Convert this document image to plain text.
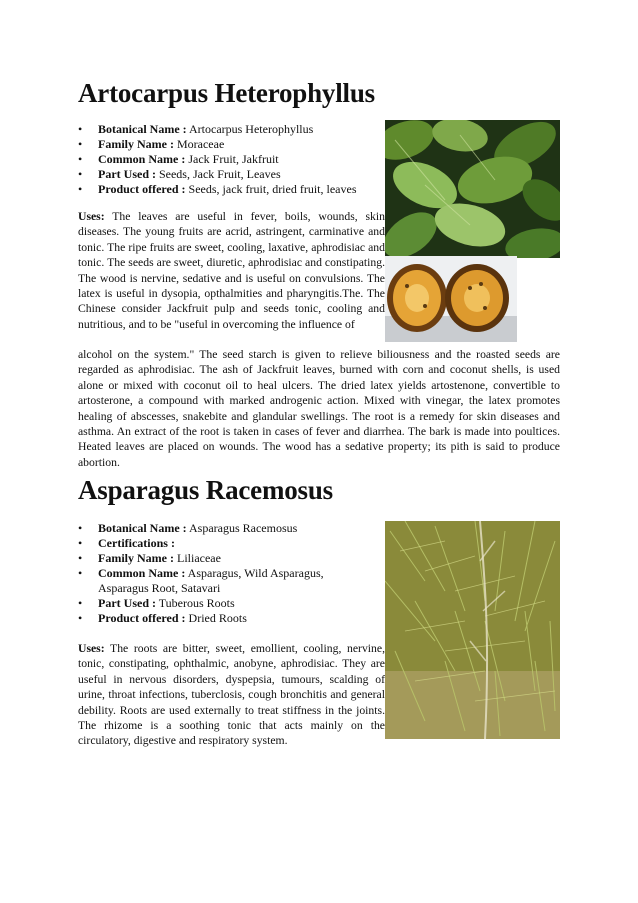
Artocarpus Heterophyllus
• Botanical Name : Artocarpus Heterophyllus
• Family Name : Moraceae
• Common Name : Jack Fruit, Jakfruit
• Part Used : Seeds, Jack Fruit, Leaves
• Product offered : Seeds, jack fruit, dried fruit, leaves

Uses: The leaves are useful in fever, boils, wounds, skin diseases. The young fruits are acrid, astringent, carminative and tonic. The ripe fruits are sweet, cooling, laxative, aphrodisiac and tonic. The seeds are sweet, diuretic, aphrodisiac and constipating. The wood is nervine, sedative and is useful on convulsions. The latex is useful in dysopia, opthalmities and pharyngitis.The. The Chinese consider Jackfruit pulp and seeds tonic, cooling and nutritious, and to be "useful in overcoming the influence of

alcohol on the system." The seed starch is given to relieve biliousness and the roasted seeds are regarded as aphrodisiac. The ash of Jackfruit leaves, burned with corn and coconut shells, is used alone or mixed with coconut oil to heal ulcers. The dried latex yields artostenone, convertible to artosterone, a compound with marked androgenic action. Mixed with vinegar, the latex promotes healing of abscesses, snakebite and glandular swellings. The root is a remedy for skin diseases and asthma. An extract of the root is taken in cases of fever and diarrhea. The bark is made into poultices. Heated leaves are placed on wounds. The wood has a sedative property; its pith is said to produce abortion.

Asparagus Racemosus
• Botanical Name : Asparagus Racemosus
• Certifications :
• Family Name : Liliaceae
• Common Name : Asparagus, Wild Asparagus, Asparagus Root, Satavari
• Part Used : Tuberous Roots
• Product offered : Dried Roots

Uses: The roots are bitter, sweet, emollient, cooling, nervine, tonic, constipating, ophthalmic, anobyne, aphrodisiac. They are useful in nervous disorders, dyspepsia, tumours, scalding of urine, throat infections, tuberclosis, cough bronchitis and general debility. Roots are used externally to treat stiffness in the joints. The rhizome is a soothing tonic that acts mainly on the circulatory, digestive and respiratory system.
